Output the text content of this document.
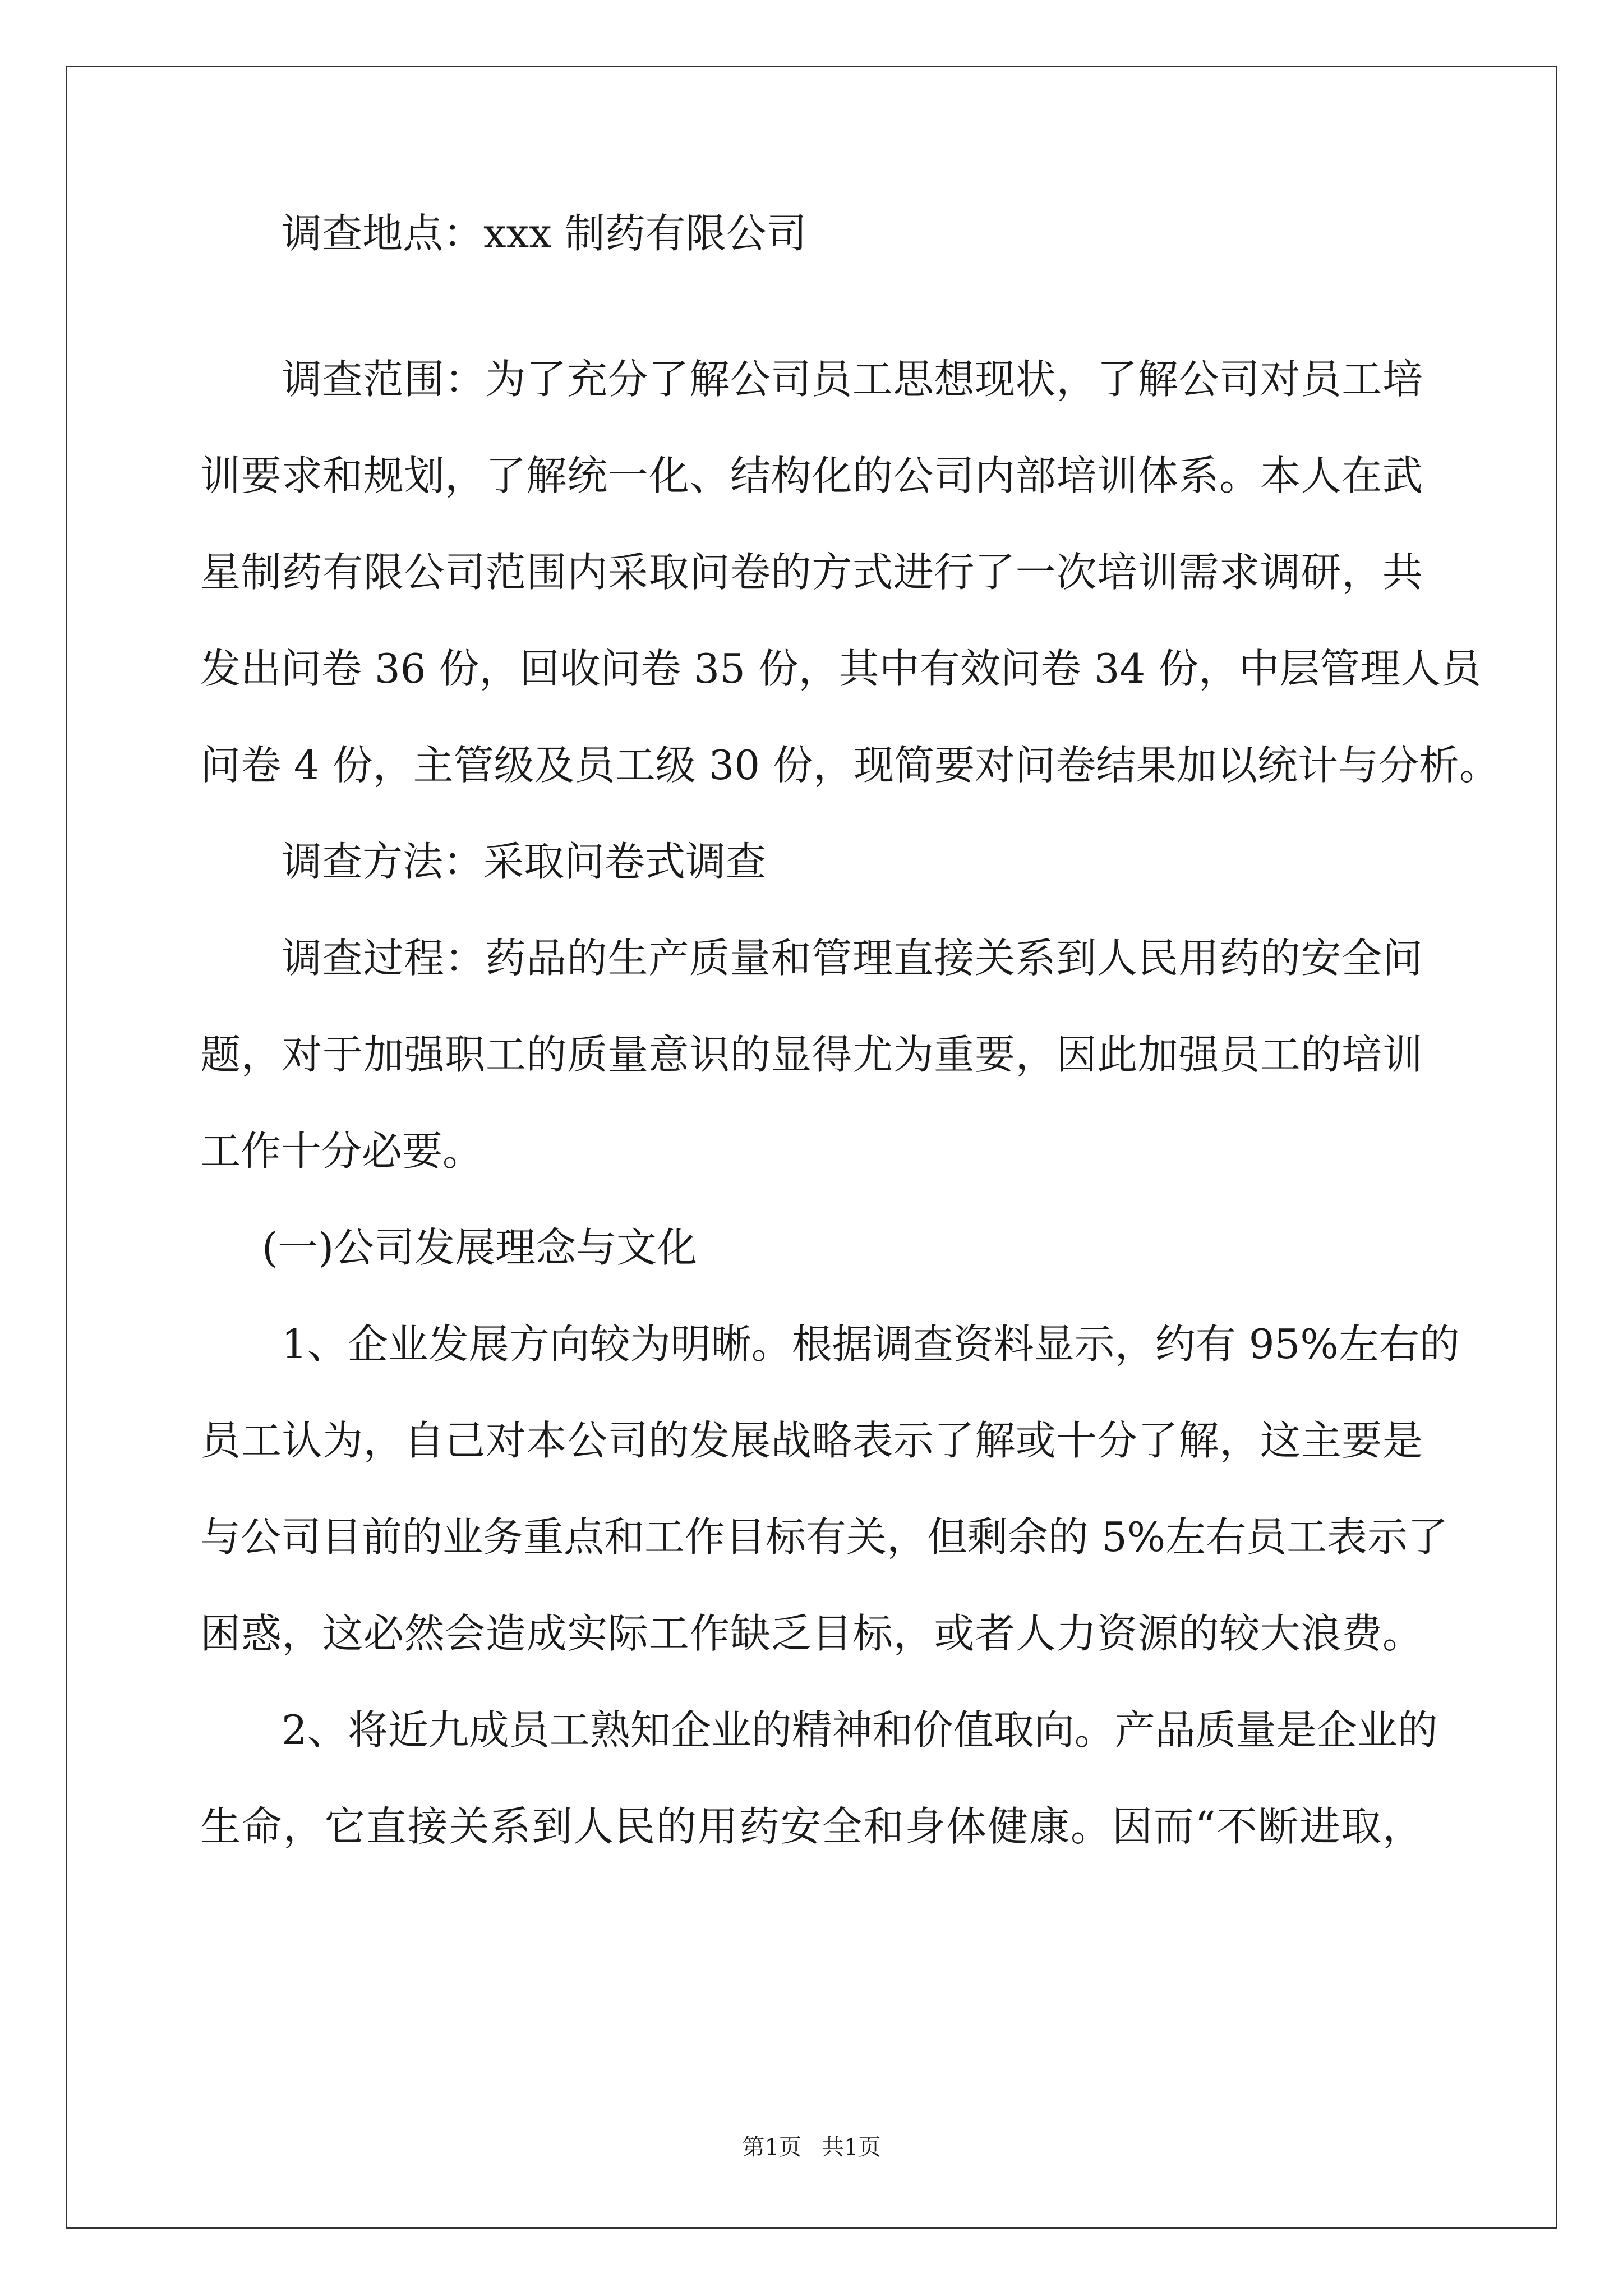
调查地点：xxx 制药有限公司
调查范围：为了充分了解公司员工思想现状，了解公司对员工培
训要求和规划，了解统一化、结构化的公司内部培训体系。本人在武
星制药有限公司范围内采取问卷的方式进行了一次培训需求调研，共
发出问卷 36 份，回收问卷 35 份，其中有效问卷 34 份，中层管理人员
问卷 4 份，主管级及员工级 30 份，现简要对问卷结果加以统计与分析。
调查方法：采取问卷式调查
调查过程：药品的生产质量和管理直接关系到人民用药的安全问
题，对于加强职工的质量意识的显得尤为重要，因此加强员工的培训
工作十分必要。
(一)公司发展理念与文化
1、企业发展方向较为明晰。根据调查资料显示，约有 95%左右的
员工认为，自己对本公司的发展战略表示了解或十分了解，这主要是
与公司目前的业务重点和工作目标有关，但剩余的 5%左右员工表示了
困惑，这必然会造成实际工作缺乏目标，或者人力资源的较大浪费。
2、将近九成员工熟知企业的精神和价值取向。产品质量是企业的
生命，它直接关系到人民的用药安全和身体健康。因而“不断进取，
第1页 共1页
